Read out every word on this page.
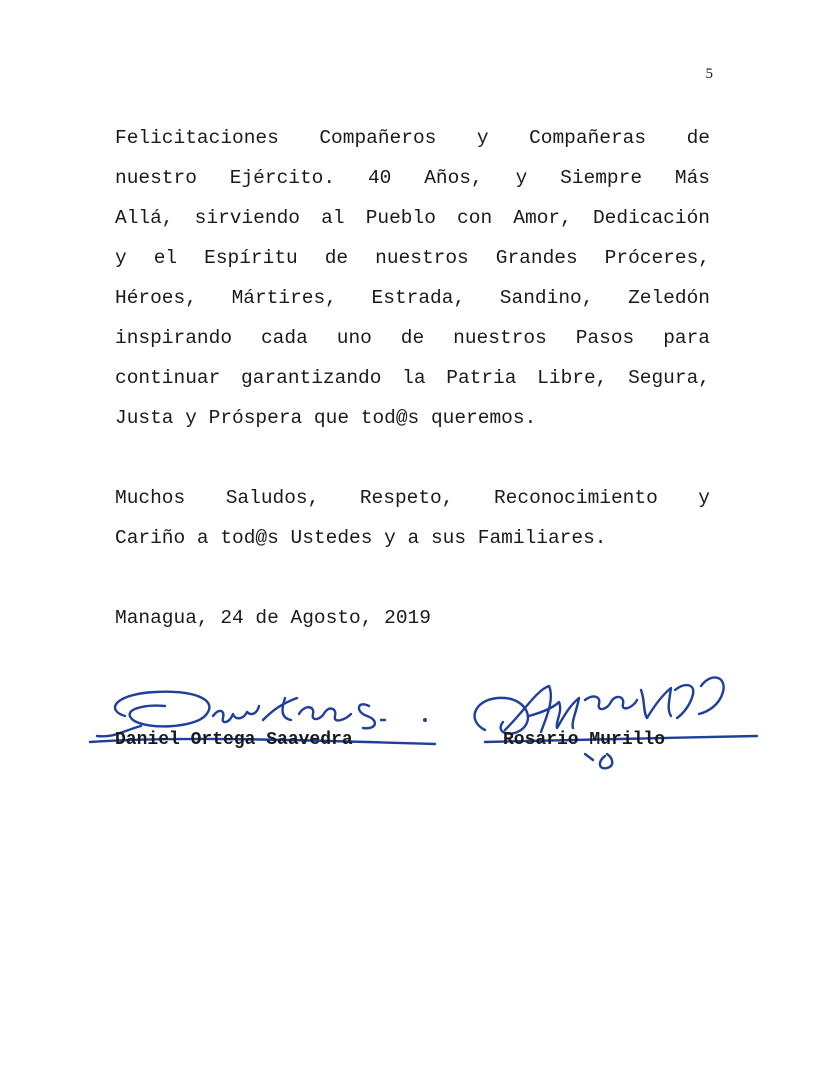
5
Felicitaciones Compañeros y Compañeras de
nuestro Ejército. 40 Años, y Siempre Más
Allá, sirviendo al Pueblo con Amor, Dedicación
y el Espíritu de nuestros Grandes Próceres,
Héroes, Mártires, Estrada, Sandino, Zeledón
inspirando cada uno de nuestros Pasos para
continuar garantizando la Patria Libre, Segura,
Justa y Próspera que tod@s queremos.
Muchos Saludos, Respeto, Reconocimiento y
Cariño a tod@s Ustedes y a sus Familiares.

Managua, 24 de Agosto, 2019

Daniel Ortega Saavedra	Rosario Murillo
